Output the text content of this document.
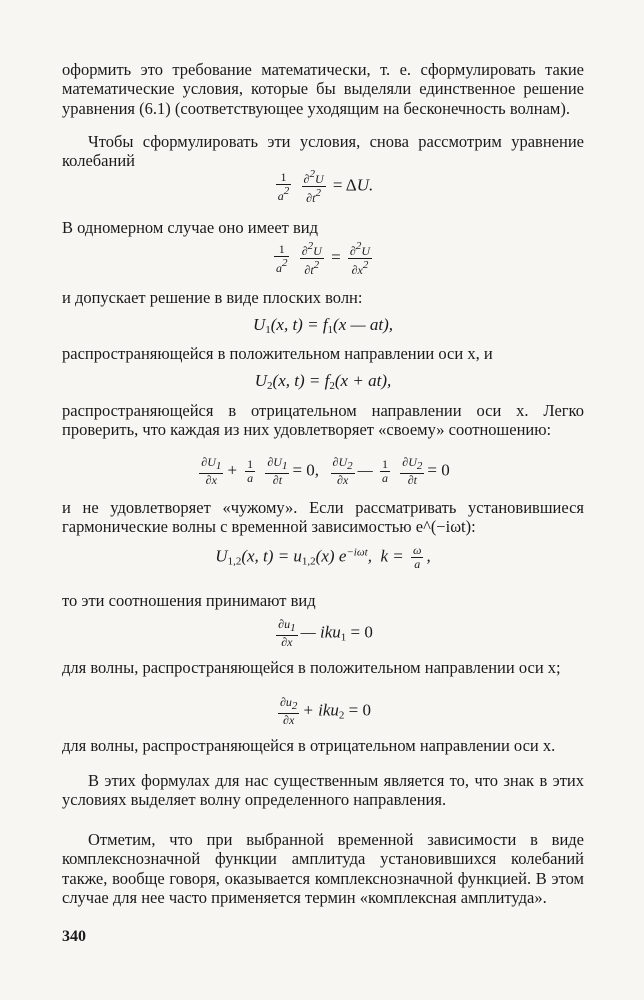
оформить это требование математически, т. е. сформулировать такие математические условия, которые бы выделяли единственное решение уравнения (6.1) (соответствующее уходящим на бесконечность волнам).

Чтобы сформулировать эти условия, снова рассмотрим уравнение колебаний

$\frac{1}{a^2}$
$\frac{\partial^2U}{\partial t^2} = \Delta U$.

В одномерном случае оно имеет вид

$\frac{1}{a^2}$
$\frac{\partial^2U}{\partial t^2} = \frac{\partial^2U}{\partial x^2}$

и допускает решение в виде плоских волн:

$U_1(x$, $t) = f_1(x$ — at),

распространяющейся в положительном направлении оси x, и

$U_2(x$, $t) = f_2(x + at)$,

распространяющейся в отрицательном направлении оси x. Легко проверить, что каждая из них удовлетворяет «своему» соотношению:

$\frac{\partial U_1}{\partial x} + \frac{1}{a}$
$\frac{\partial U_1}{\partial t} = 0$, $\frac{\partial U_2}{\partial x}$ — $\frac{1}{a}$
$\frac{\partial U_2}{\partial t} = 0$

и не удовлетворяет «чужому». Если рассматривать установившиеся гармонические волны с временной зависимостью e^(−iωt):

$U_{1,2}(x$, $t) = u_{1,2}(x)$ $e^{-i\omega t}$,  $k = \frac{\omega}{a}$ ,

то эти соотношения принимают вид

$\frac{\partial u_1}{\partial x}$ — iku$_1$ = 0

для волны, распространяющейся в положительном направлении оси x;

$\frac{\partial u_2}{\partial x} + iku_2 = 0$

для волны, распространяющейся в отрицательном направлении оси x.

В этих формулах для нас существенным является то, что знак в этих условиях выделяет волну определенного направления.

Отметим, что при выбранной временной зависимости в виде комплекснозначной функции амплитуда установившихся колебаний также, вообще говоря, оказывается комплекснозначной функцией. В этом случае для нее часто применяется термин «комплексная амплитуда».

340
